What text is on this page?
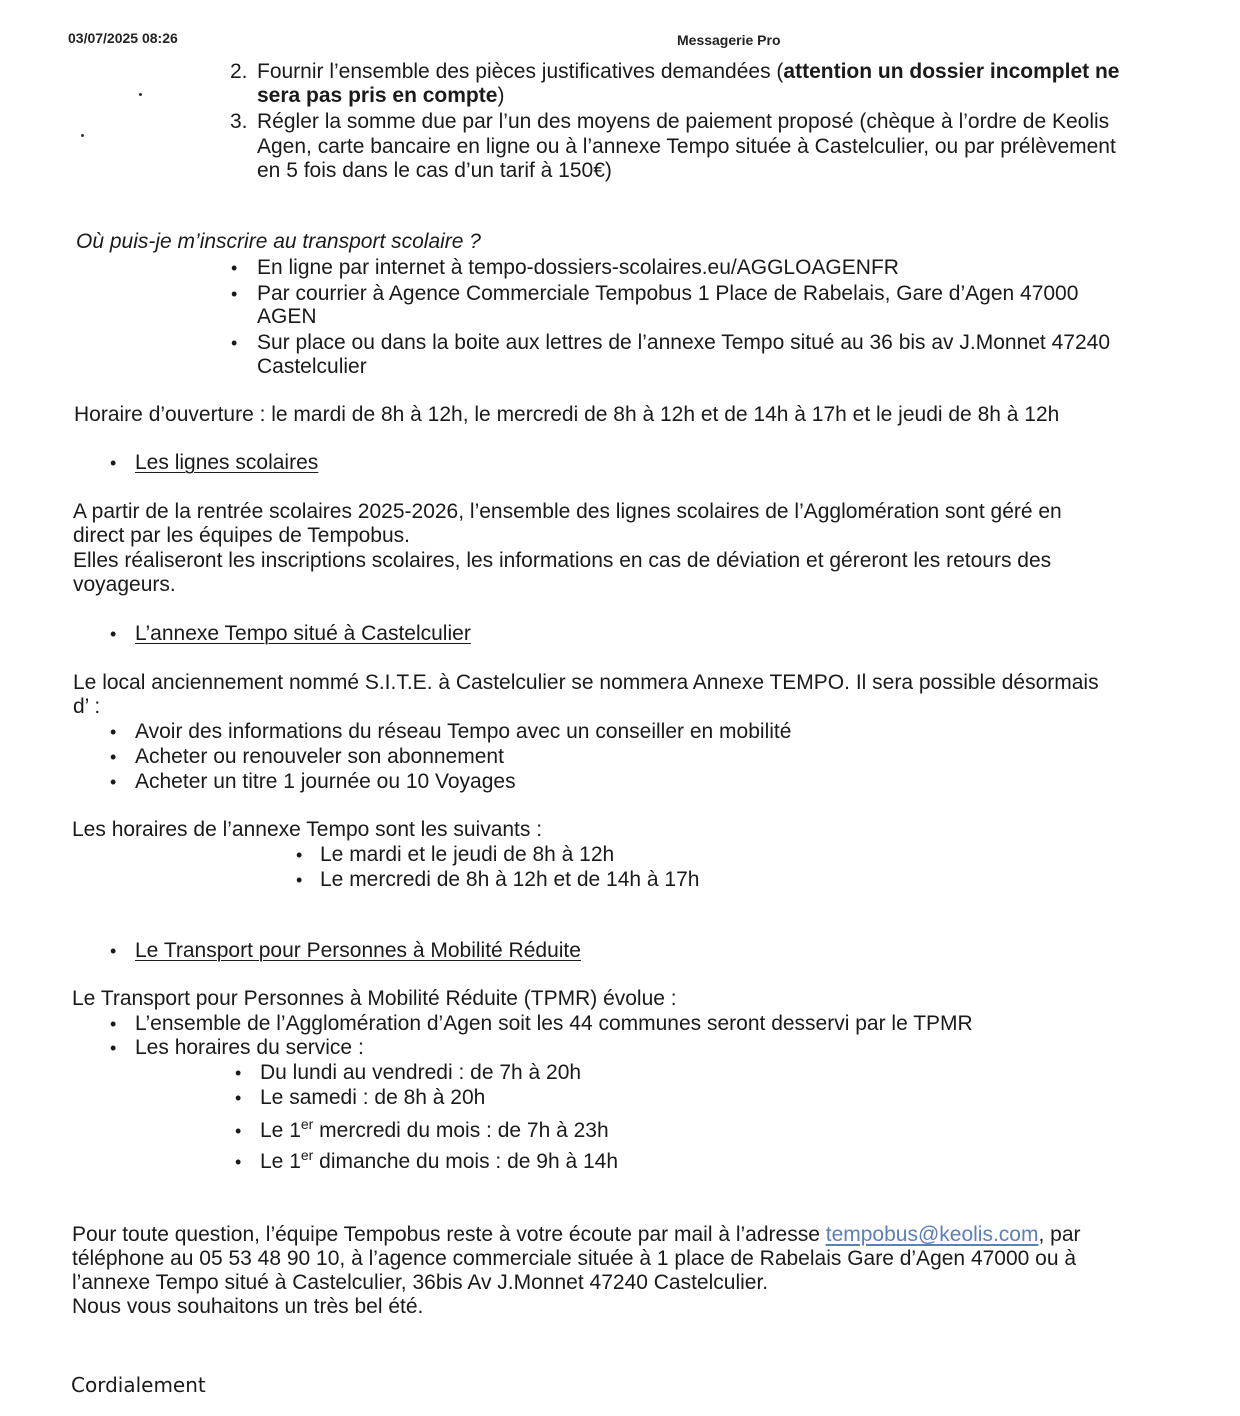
03/07/2025 08:26	Messagerie Pro
2. Fournir l’ensemble des pièces justificatives demandées (attention un dossier incomplet ne
sera pas pris en compte)
3. Régler la somme due par l’un des moyens de paiement proposé (chèque à l’ordre de Keolis
Agen, carte bancaire en ligne ou à l’annexe Tempo située à Castelculier, ou par prélèvement
en 5 fois dans le cas d’un tarif à 150€)
Où puis-je m’inscrire au transport scolaire ?
• En ligne par internet à tempo-dossiers-scolaires.eu/AGGLOAGENFR
• Par courrier à Agence Commerciale Tempobus 1 Place de Rabelais, Gare d’Agen 47000
AGEN
• Sur place ou dans la boite aux lettres de l’annexe Tempo situé au 36 bis av J.Monnet 47240
Castelculier
Horaire d’ouverture : le mardi de 8h à 12h, le mercredi de 8h à 12h et de 14h à 17h et le jeudi de 8h à 12h
• Les lignes scolaires
A partir de la rentrée scolaires 2025-2026, l’ensemble des lignes scolaires de l’Agglomération sont géré en
direct par les équipes de Tempobus.
Elles réaliseront les inscriptions scolaires, les informations en cas de déviation et géreront les retours des
voyageurs.
• L’annexe Tempo situé à Castelculier
Le local anciennement nommé S.I.T.E. à Castelculier se nommera Annexe TEMPO. Il sera possible désormais
d’ :
• Avoir des informations du réseau Tempo avec un conseiller en mobilité
• Acheter ou renouveler son abonnement
• Acheter un titre 1 journée ou 10 Voyages
Les horaires de l’annexe Tempo sont les suivants :
• Le mardi et le jeudi de 8h à 12h
• Le mercredi de 8h à 12h et de 14h à 17h
• Le Transport pour Personnes à Mobilité Réduite
Le Transport pour Personnes à Mobilité Réduite (TPMR) évolue :
• L’ensemble de l’Agglomération d’Agen soit les 44 communes seront desservi par le TPMR
• Les horaires du service :
• Du lundi au vendredi : de 7h à 20h
• Le samedi : de 8h à 20h
• Le 1er mercredi du mois : de 7h à 23h
• Le 1er dimanche du mois : de 9h à 14h
Pour toute question, l’équipe Tempobus reste à votre écoute par mail à l’adresse tempobus@keolis.com, par
téléphone au 05 53 48 90 10, à l’agence commerciale située à 1 place de Rabelais Gare d’Agen 47000 ou à
l’annexe Tempo situé à Castelculier, 36bis Av J.Monnet 47240 Castelculier.
Nous vous souhaitons un très bel été.
Cordialement
